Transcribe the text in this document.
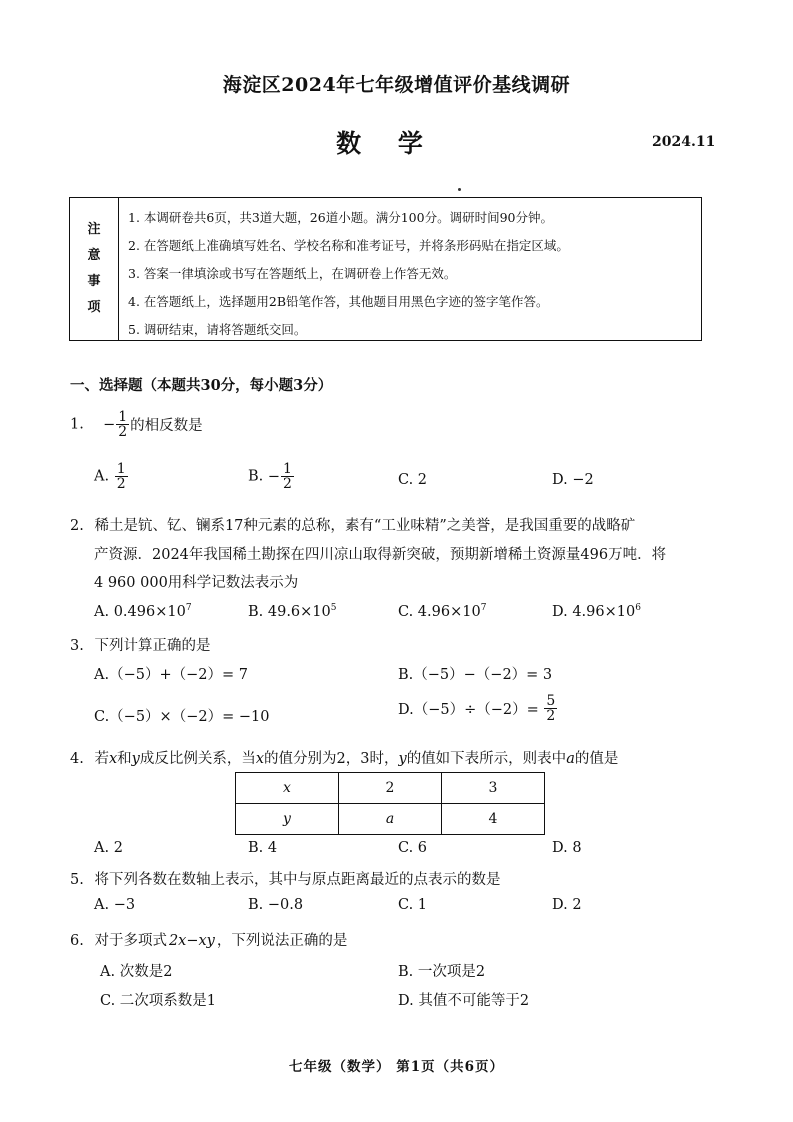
海淀区2024年七年级增值评价基线调研
数 学	2024.11
注
意
事
项
1. 本调研卷共6页，共3道大题，26道小题。满分100分。调研时间90分钟。
2. 在答题纸上准确填写姓名、学校名称和准考证号，并将条形码贴在指定区域。
3. 答案一律填涂或书写在答题纸上，在调研卷上作答无效。
4. 在答题纸上，选择题用2B铅笔作答，其他题目用黑色字迹的签字笔作答。
5. 调研结束，请将答题纸交回。
一、选择题（本题共30分，每小题3分）
1. − $\frac{1}{2}$ 的相反数是
A. $\frac{1}{2}$	B. − $\frac{1}{2}$	C. 2	D. −2
2. 稀土是钪、钇、镧系17种元素的总称，素有“工业味精”之美誉，是我国重要的战略矿
产资源．2024年我国稀土勘探在四川凉山取得新突破，预期新增稀土资源量496万吨．将
4 960 000用科学记数法表示为
A. $0.496\times 10^7$	B. $49.6\times 10^5$	C. $4.96\times 10^7$	D. $4.96\times 10^6$
3. 下列计算正确的是
A.（−5）+（−2）= 7	B.（−5）−（−2）= 3
C.（−5）×（−2）= −10	$D.(-5)\div(-2)= \frac{5}{2}$
4. 若x和y成反比例关系，当x的值分别为2，3时，y的值如下表所示，则表中a的值是
x	2	3
y	a	4
A. 2	B. 4	C. 6	D. 8
5. 将下列各数在数轴上表示，其中与原点距离最近的点表示的数是
A. −3	B. −0.8	C. 1	D. 2
6. 对于多项式 2x−xy ，下列说法正确的是
A. 次数是2	B. 一次项是2
C. 二次项系数是1	D. 其值不可能等于2
七年级（数学） 第1页（共6页）
